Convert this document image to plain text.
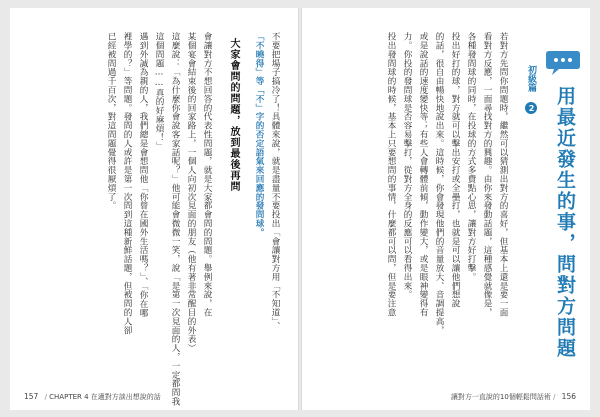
不要把場子搞冷了！具體來說，就是盡量不要投出「會讓對方用「不知道」、
「不曉得」等「不」字的否定語氣來回應的發問球。
大家會問的問題，放到最後再問
會讓對方不想回答的代表性問題，就是大家都會問的問題。舉例來說，在
某個宴會結束後的回家路上，一個人向初次見面的朋友（他有著非常醒目的外表）
這麼說：「為什麼你會說客家話呢？」他可能會微微一笑，說「是第一次見面的人，一定都問我
這個問題……真的好麻煩！」
遇到外誠為親的人，我們總是會想問他「你曾在國外生活嗎？」、「你在哪
裡學的？」等問題。發問的人或許是第一次問到這種新鮮話題，但被問的人卻
已經被問過千百次，對這問題覺得很厭煩了。
157 / CHAPTER 4 在適對方談出想說的話
初級篇 2 用最近發生的事，問對方問題
若對方先問你問題時，繼然可以猜測出對方的喜好，但基本上還是要一面
看對方反應，一面尋找對方的興趣。由你來發動話題，這種感覺就像是，
各種發問球的同時，在投球的方式多費點心思，讓對方好打擊。
投出好打的球，對方就可以擊出安打或全壘打，也就是可以讓他們想說
的話，很自由暢快地說出來。這時候，你會發現他們的音量放大、音調提高，
或是說話的速度變快等；有些人會轉體前傾，動作變大，或是眼神變得有
力。你投的發問球是否容易擊打，從對方全身的反應可以看得出來。
投出發問球的時候，基本上只要想問的事情，什麼都可以問，但是要注意
讓對方一直說的10個輕鬆問話術 / 156
